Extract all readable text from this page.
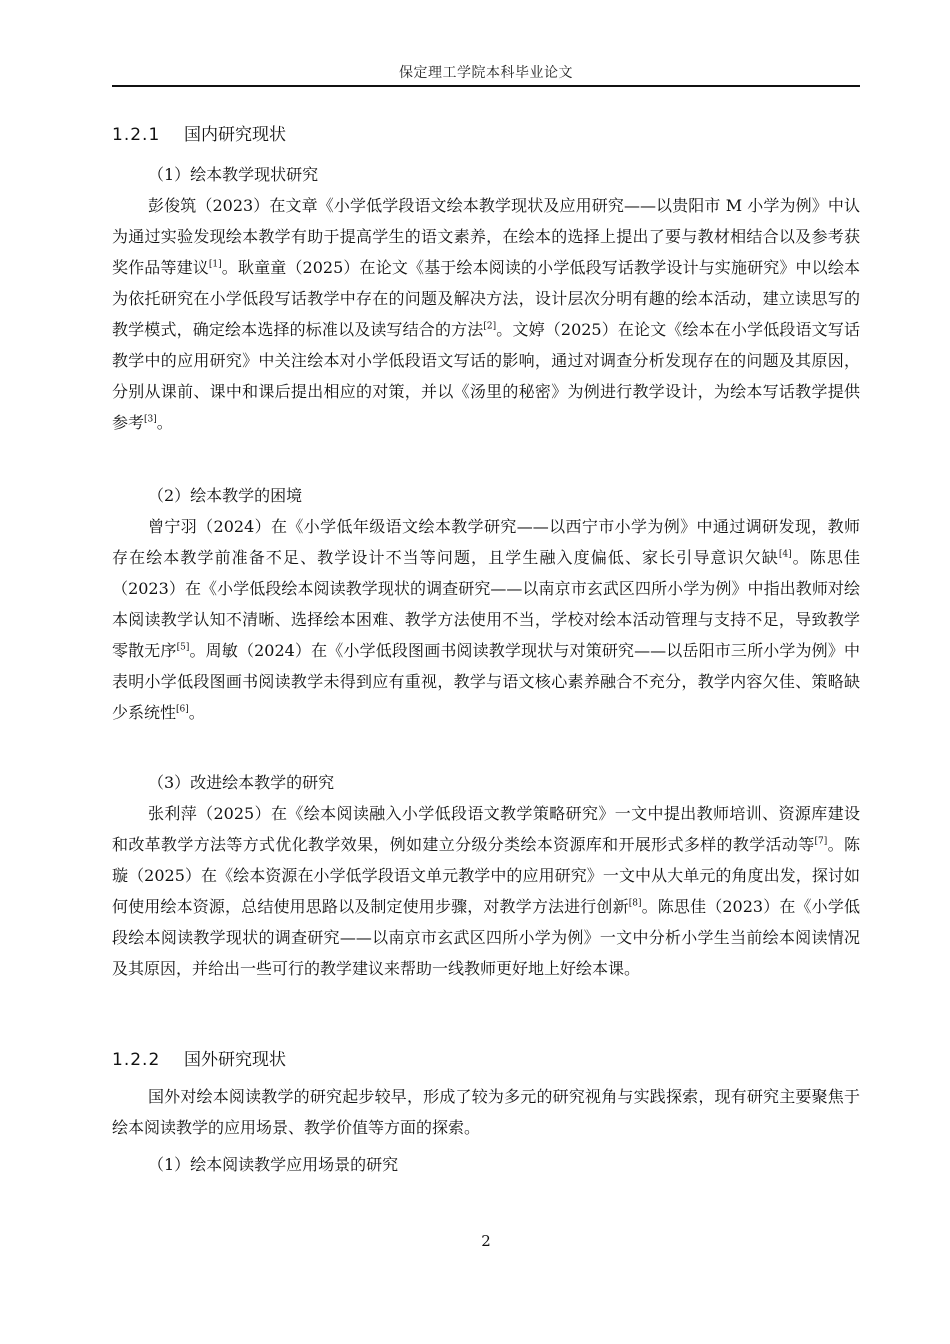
保定理工学院本科毕业论文
1.2.1 国内研究现状
（1）绘本教学现状研究

彭俊筑（2023）在文章《小学低学段语文绘本教学现状及应用研究——以贵阳市 M 小学为例》中认为通过实验发现绘本教学有助于提高学生的语文素养，在绘本的选择上提出了要与教材相结合以及参考获奖作品等建议[1]。耿童童（2025）在论文《基于绘本阅读的小学低段写话教学设计与实施研究》中以绘本为依托研究在小学低段写话教学中存在的问题及解决方法，设计层次分明有趣的绘本活动，建立读思写的教学模式，确定绘本选择的标准以及读写结合的方法[2]。文婷（2025）在论文《绘本在小学低段语文写话教学中的应用研究》中关注绘本对小学低段语文写话的影响，通过对调查分析发现存在的问题及其原因，分别从课前、课中和课后提出相应的对策，并以《汤里的秘密》为例进行教学设计，为绘本写话教学提供参考[3]。

（2）绘本教学的困境

曾宁羽（2024）在《小学低年级语文绘本教学研究——以西宁市小学为例》中通过调研发现，教师存在绘本教学前准备不足、教学设计不当等问题，且学生融入度偏低、家长引导意识欠缺[4]。陈思佳（2023）在《小学低段绘本阅读教学现状的调查研究——以南京市玄武区四所小学为例》中指出教师对绘本阅读教学认知不清晰、选择绘本困难、教学方法使用不当，学校对绘本活动管理与支持不足，导致教学零散无序[5]。周敏（2024）在《小学低段图画书阅读教学现状与对策研究——以岳阳市三所小学为例》中表明小学低段图画书阅读教学未得到应有重视，教学与语文核心素养融合不充分，教学内容欠佳、策略缺少系统性[6]。

（3）改进绘本教学的研究

张利萍（2025）在《绘本阅读融入小学低段语文教学策略研究》一文中提出教师培训、资源库建设和改革教学方法等方式优化教学效果，例如建立分级分类绘本资源库和开展形式多样的教学活动等[7]。陈璇（2025）在《绘本资源在小学低学段语文单元教学中的应用研究》一文中从大单元的角度出发，探讨如何使用绘本资源，总结使用思路以及制定使用步骤，对教学方法进行创新[8]。陈思佳（2023）在《小学低段绘本阅读教学现状的调查研究——以南京市玄武区四所小学为例》一文中分析小学生当前绘本阅读情况及其原因，并给出一些可行的教学建议来帮助一线教师更好地上好绘本课。

1.2.2 国外研究现状

国外对绘本阅读教学的研究起步较早，形成了较为多元的研究视角与实践探索，现有研究主要聚焦于绘本阅读教学的应用场景、教学价值等方面的探索。

（1）绘本阅读教学应用场景的研究
2
